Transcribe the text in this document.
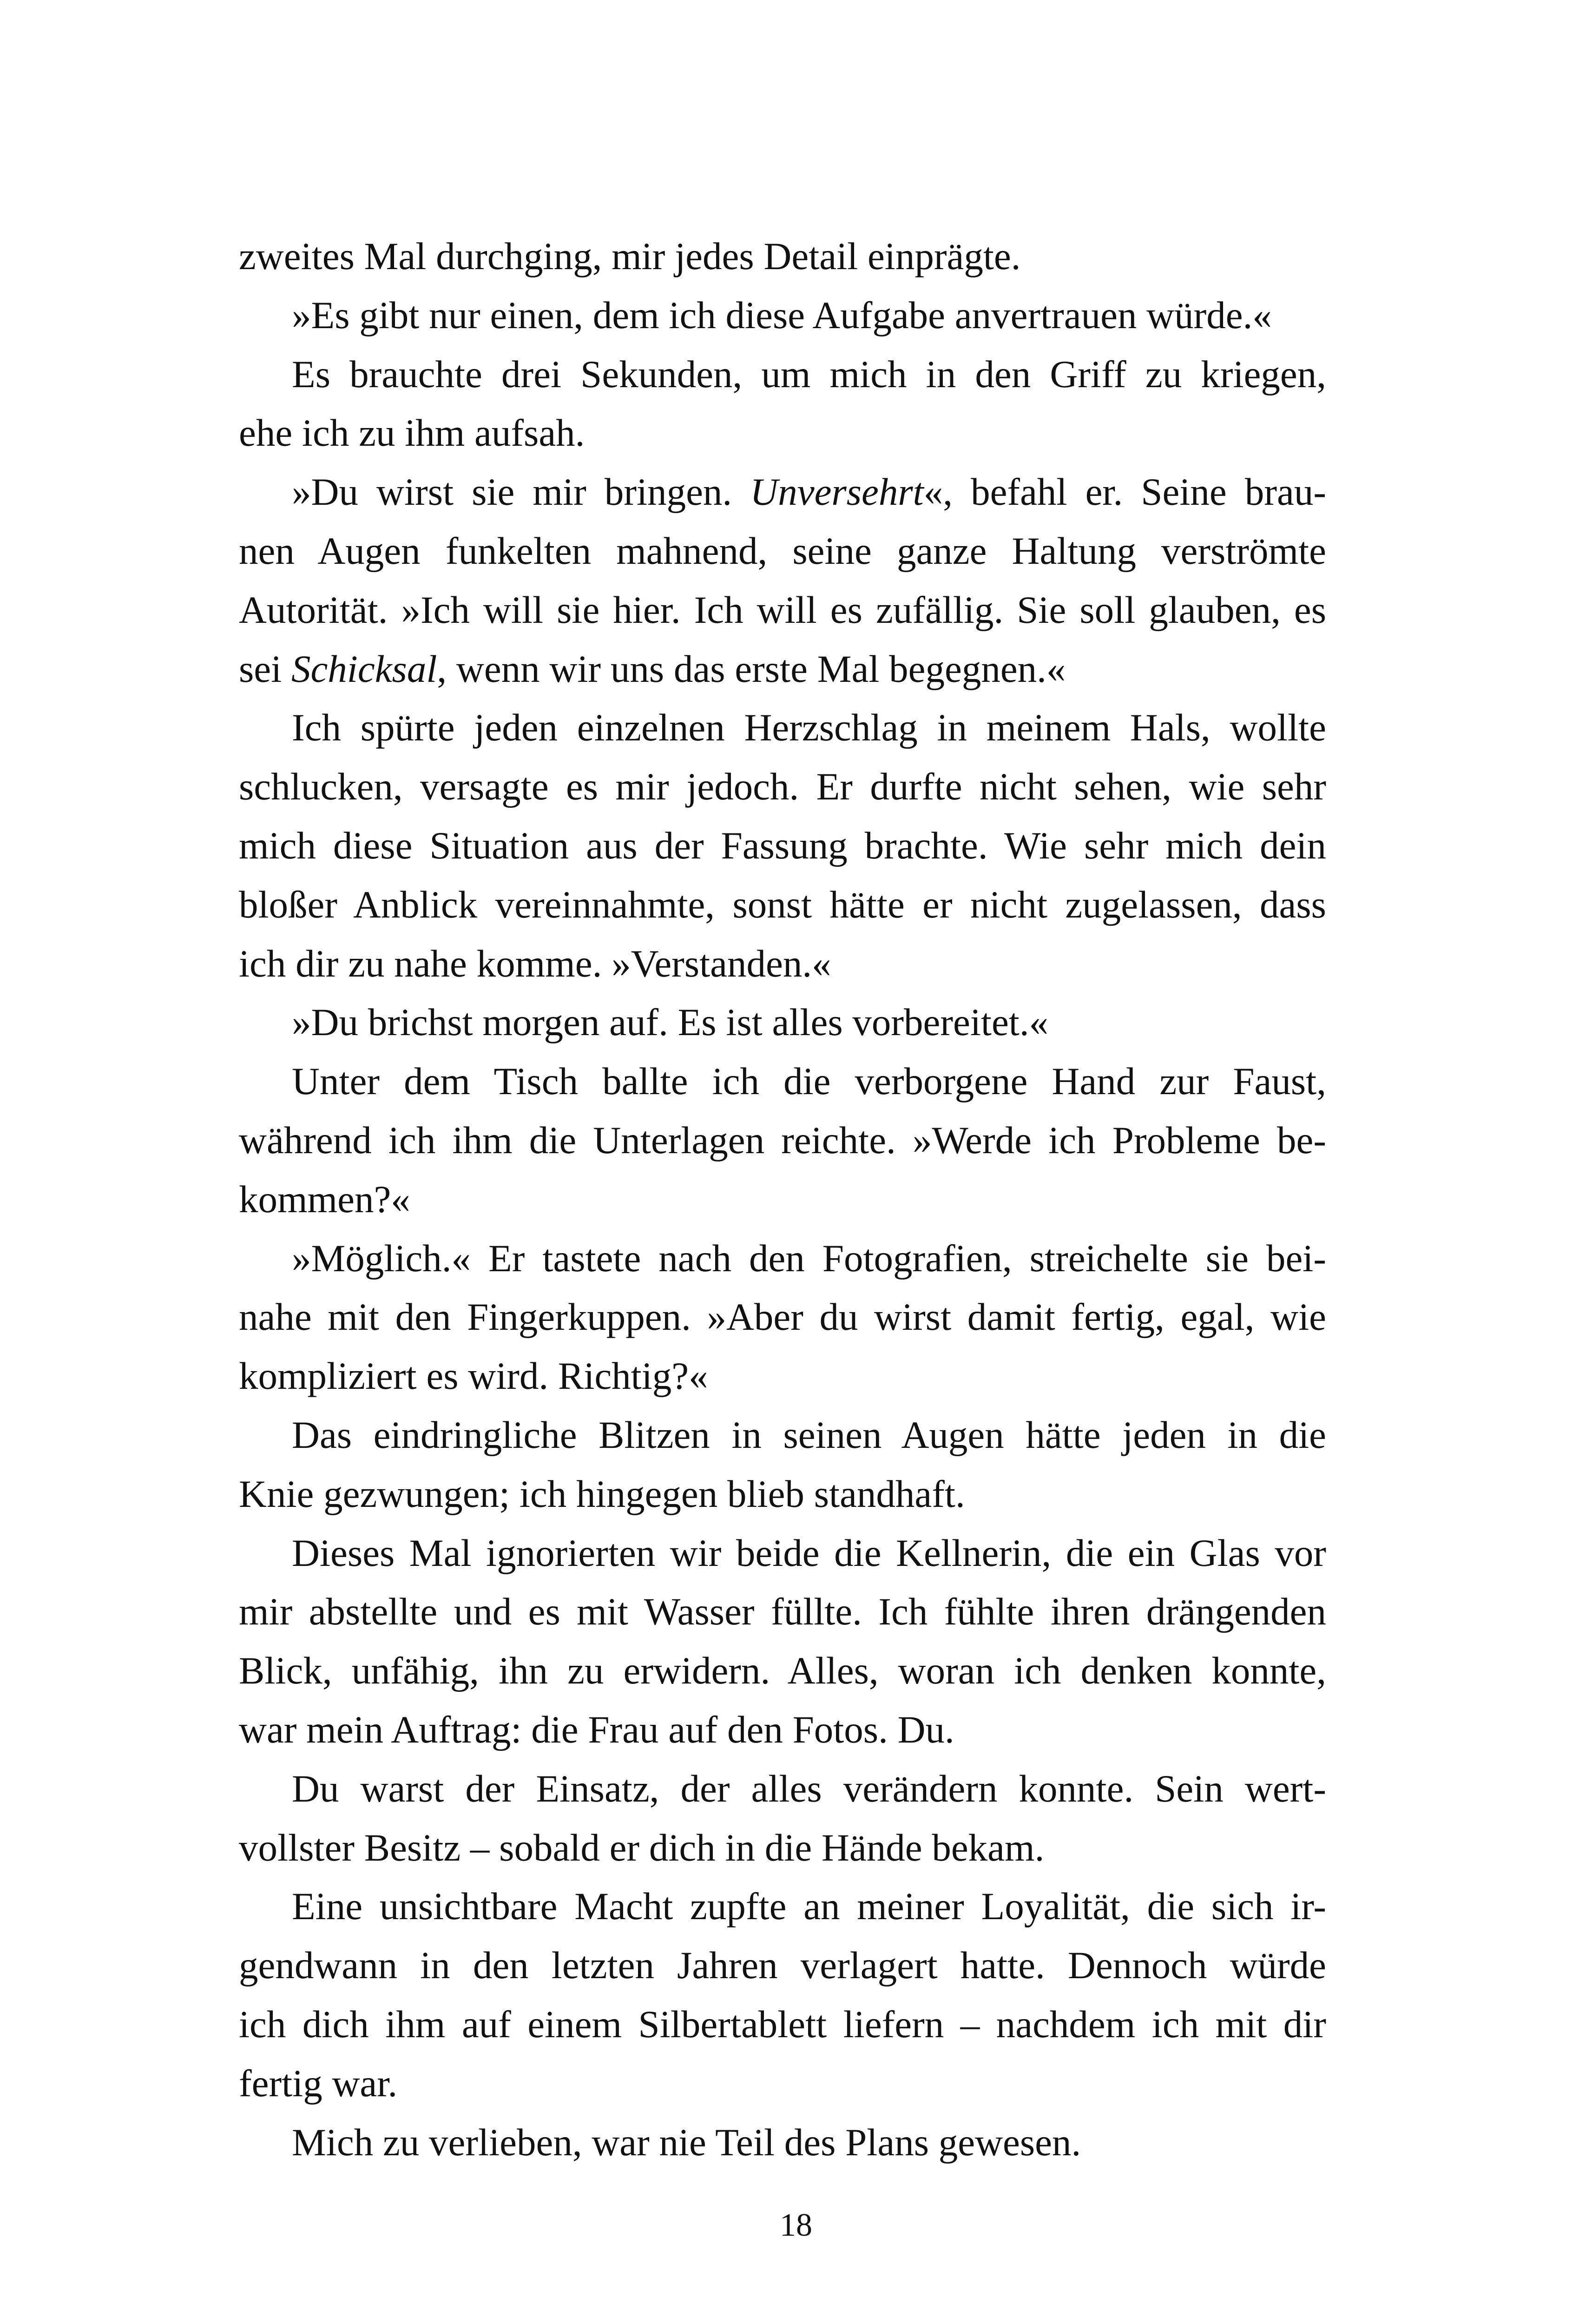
zweites Mal durchging, mir jedes Detail einprägte.
»Es gibt nur einen, dem ich diese Aufgabe anvertrauen würde.«
Es brauchte drei Sekunden, um mich in den Griff zu kriegen,
ehe ich zu ihm aufsah.
»Du wirst sie mir bringen. Unversehrt«, befahl er. Seine brau-
nen Augen funkelten mahnend, seine ganze Haltung verströmte
Autorität. »Ich will sie hier. Ich will es zufällig. Sie soll glauben, es
sei Schicksal, wenn wir uns das erste Mal begegnen.«
Ich spürte jeden einzelnen Herzschlag in meinem Hals, wollte
schlucken, versagte es mir jedoch. Er durfte nicht sehen, wie sehr
mich diese Situation aus der Fassung brachte. Wie sehr mich dein
bloßer Anblick vereinnahmte, sonst hätte er nicht zugelassen, dass
ich dir zu nahe komme. »Verstanden.«
»Du brichst morgen auf. Es ist alles vorbereitet.«
Unter dem Tisch ballte ich die verborgene Hand zur Faust,
während ich ihm die Unterlagen reichte. »Werde ich Probleme be-
kommen?«
»Möglich.« Er tastete nach den Fotografien, streichelte sie bei-
nahe mit den Fingerkuppen. »Aber du wirst damit fertig, egal, wie
kompliziert es wird. Richtig?«
Das eindringliche Blitzen in seinen Augen hätte jeden in die
Knie gezwungen; ich hingegen blieb standhaft.
Dieses Mal ignorierten wir beide die Kellnerin, die ein Glas vor
mir abstellte und es mit Wasser füllte. Ich fühlte ihren drängenden
Blick, unfähig, ihn zu erwidern. Alles, woran ich denken konnte,
war mein Auftrag: die Frau auf den Fotos. Du.
Du warst der Einsatz, der alles verändern konnte. Sein wert-
vollster Besitz – sobald er dich in die Hände bekam.
Eine unsichtbare Macht zupfte an meiner Loyalität, die sich ir-
gendwann in den letzten Jahren verlagert hatte. Dennoch würde
ich dich ihm auf einem Silbertablett liefern – nachdem ich mit dir
fertig war.
Mich zu verlieben, war nie Teil des Plans gewesen.
18
